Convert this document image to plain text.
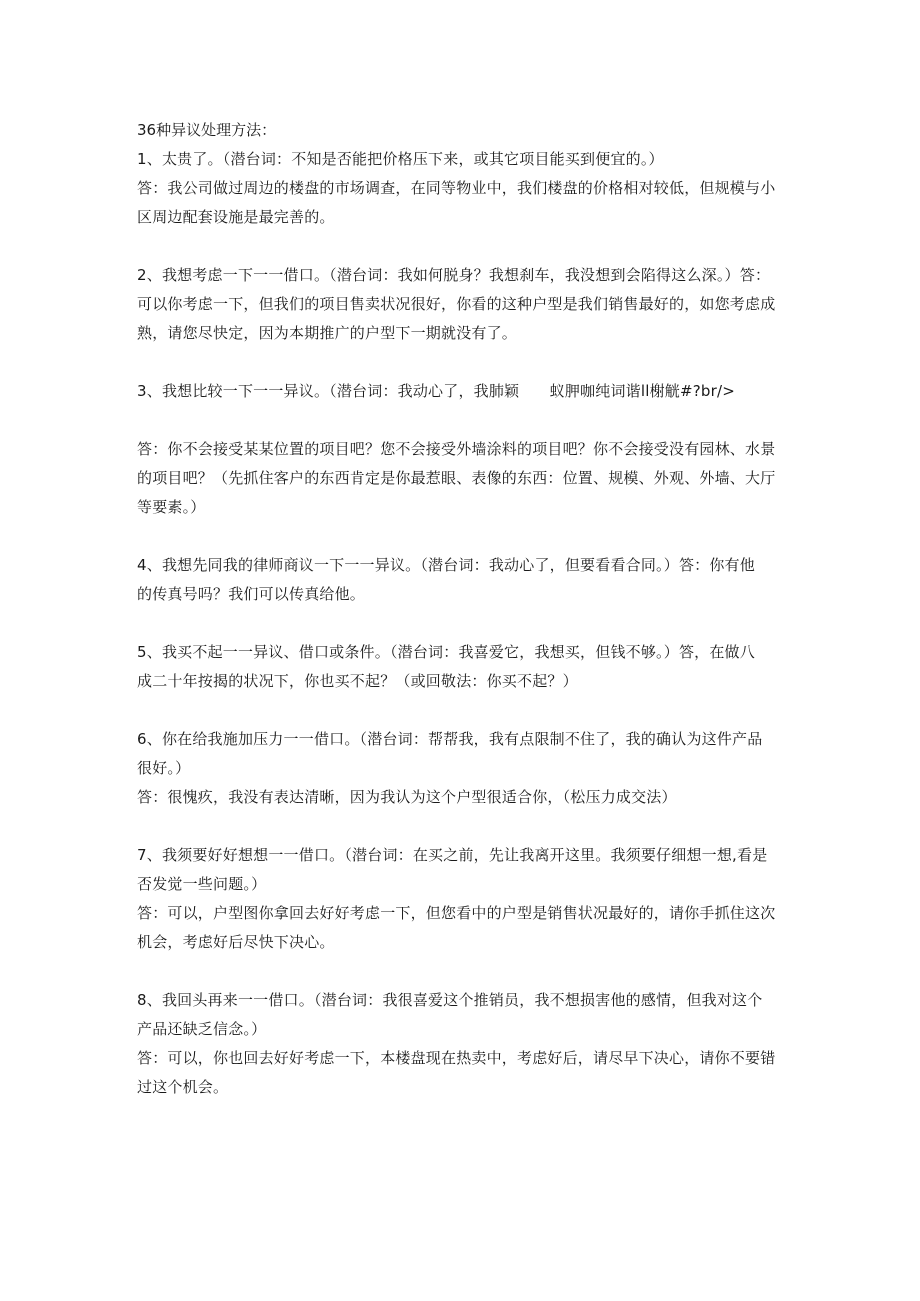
36种异议处理方法：
1、太贵了。（潜台词：不知是否能把价格压下来，或其它项目能买到便宜的。）
答：我公司做过周边的楼盘的市场调查，在同等物业中，我们楼盘的价格相对较低，但规模与小
区周边配套设施是最完善的。
2、我想考虑一下一一借口。（潜台词：我如何脱身？我想刹车，我没想到会陷得这么深。）答：
可以你考虑一下，但我们的项目售卖状况很好，你看的这种户型是我们销售最好的，如您考虑成
熟，请您尽快定，因为本期推广的户型下一期就没有了。
3、我想比较一下一一异议。（潜台词：我动心了，我肺颖　　蚁胛咖纯词谐ll榭觥#?br/>
答：你不会接受某某位置的项目吧？您不会接受外墙涂料的项目吧？你不会接受没有园林、水景
的项目吧？（先抓住客户的东西肯定是你最惹眼、表像的东西：位置、规模、外观、外墙、大厅
等要素。）
4、我想先同我的律师商议一下一一异议。（潜台词：我动心了，但要看看合同。）答：你有他
的传真号吗？我们可以传真给他。
5、我买不起一一异议、借口或条件。（潜台词：我喜爱它，我想买，但钱不够。）答，在做八
成二十年按揭的状况下，你也买不起？（或回敬法：你买不起？）
6、你在给我施加压力一一借口。（潜台词：帮帮我，我有点限制不住了，我的确认为这件产品
很好。）
答：很愧疚，我没有表达清晰，因为我认为这个户型很适合你，（松压力成交法）
7、我须要好好想想一一借口。（潜台词：在买之前，先让我离开这里。我须要仔细想一想,看是
否发觉一些问题。）
答：可以，户型图你拿回去好好考虑一下，但您看中的户型是销售状况最好的，请你手抓住这次
机会，考虑好后尽快下决心。
8、我回头再来一一借口。（潜台词：我很喜爱这个推销员，我不想损害他的感情，但我对这个
产品还缺乏信念。）
答：可以，你也回去好好考虑一下，本楼盘现在热卖中，考虑好后，请尽早下决心，请你不要错
过这个机会。
